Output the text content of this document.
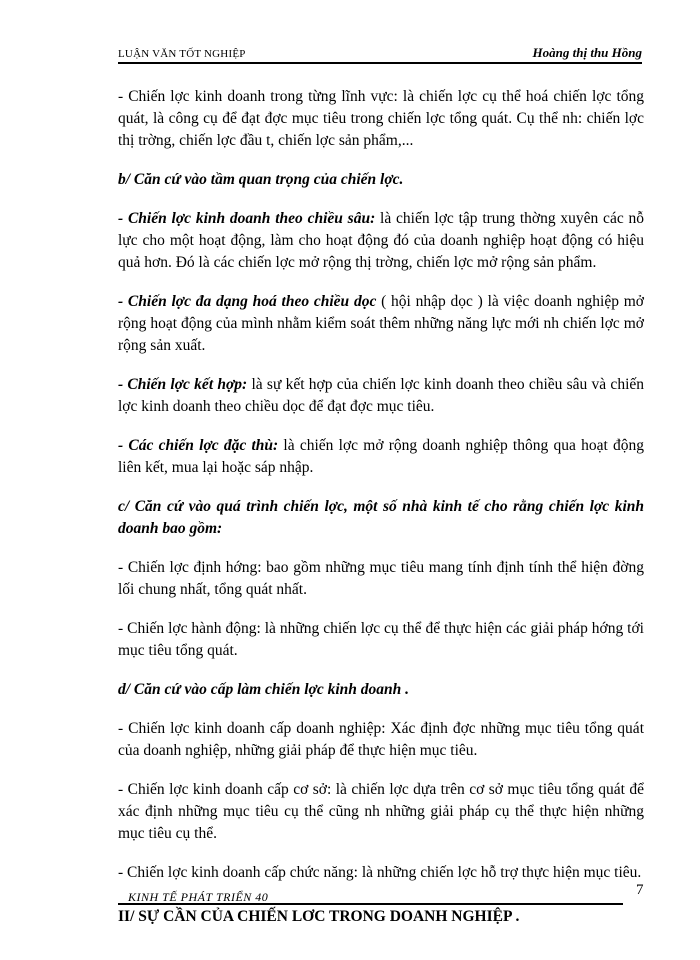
LUẬN VĂN TỐT NGHIỆP	Hoàng thị thu Hồng

- Chiến lợc kinh doanh trong từng lĩnh vực: là chiến lợc cụ thể hoá chiến lợc tổng quát, là công cụ để đạt đợc mục tiêu trong chiến lợc tổng quát. Cụ thể nh: chiến lợc thị trờng, chiến lợc đầu t, chiến lợc sản phẩm,...

b/ Căn cứ vào tầm quan trọng của chiến lợc.

- Chiến lợc kinh doanh theo chiều sâu: là chiến lợc tập trung thờng xuyên các nỗ lực cho một hoạt động, làm cho hoạt động đó của doanh nghiệp hoạt động có hiệu quả hơn. Đó là các chiến lợc mở rộng thị trờng, chiến lợc mở rộng sản phẩm.

- Chiến lợc đa dạng hoá theo chiều dọc ( hội nhập dọc ) là việc doanh nghiệp mở rộng hoạt động của mình nhằm kiểm soát thêm những năng lực mới nh chiến lợc mở rộng sản xuất.

- Chiến lợc kết hợp: là sự kết hợp của chiến lợc kinh doanh theo chiều sâu và chiến lợc kinh doanh theo chiều dọc để đạt đợc mục tiêu.

- Các chiến lợc đặc thù: là chiến lợc mở rộng doanh nghiệp thông qua hoạt động liên kết, mua lại hoặc sáp nhập.

c/ Căn cứ vào quá trình chiến lợc, một số nhà kinh tế cho rằng chiến lợc kinh doanh bao gồm:

- Chiến lợc định hớng: bao gồm những mục tiêu mang tính định tính thể hiện đờng lối chung nhất, tổng quát nhất.

- Chiến lợc hành động: là những chiến lợc cụ thể để thực hiện các giải pháp hớng tới mục tiêu tổng quát.

d/ Căn cứ vào cấp làm chiến lợc kinh doanh .

- Chiến lợc kinh doanh cấp doanh nghiệp: Xác định đợc những mục tiêu tổng quát của doanh nghiệp, những giải pháp để thực hiện mục tiêu.

- Chiến lợc kinh doanh cấp cơ sở: là chiến lợc dựa trên cơ sở mục tiêu tổng quát để xác định những mục tiêu cụ thể cũng nh những giải pháp cụ thể thực hiện những mục tiêu cụ thể.

- Chiến lợc kinh doanh cấp chức năng: là những chiến lợc hỗ trợ thực hiện mục tiêu.

II/ SỰ CẦN CỦA CHIẾN LƠC TRONG DOANH NGHIỆP .

KINH TẾ PHÁT TRIỂN 40	7
